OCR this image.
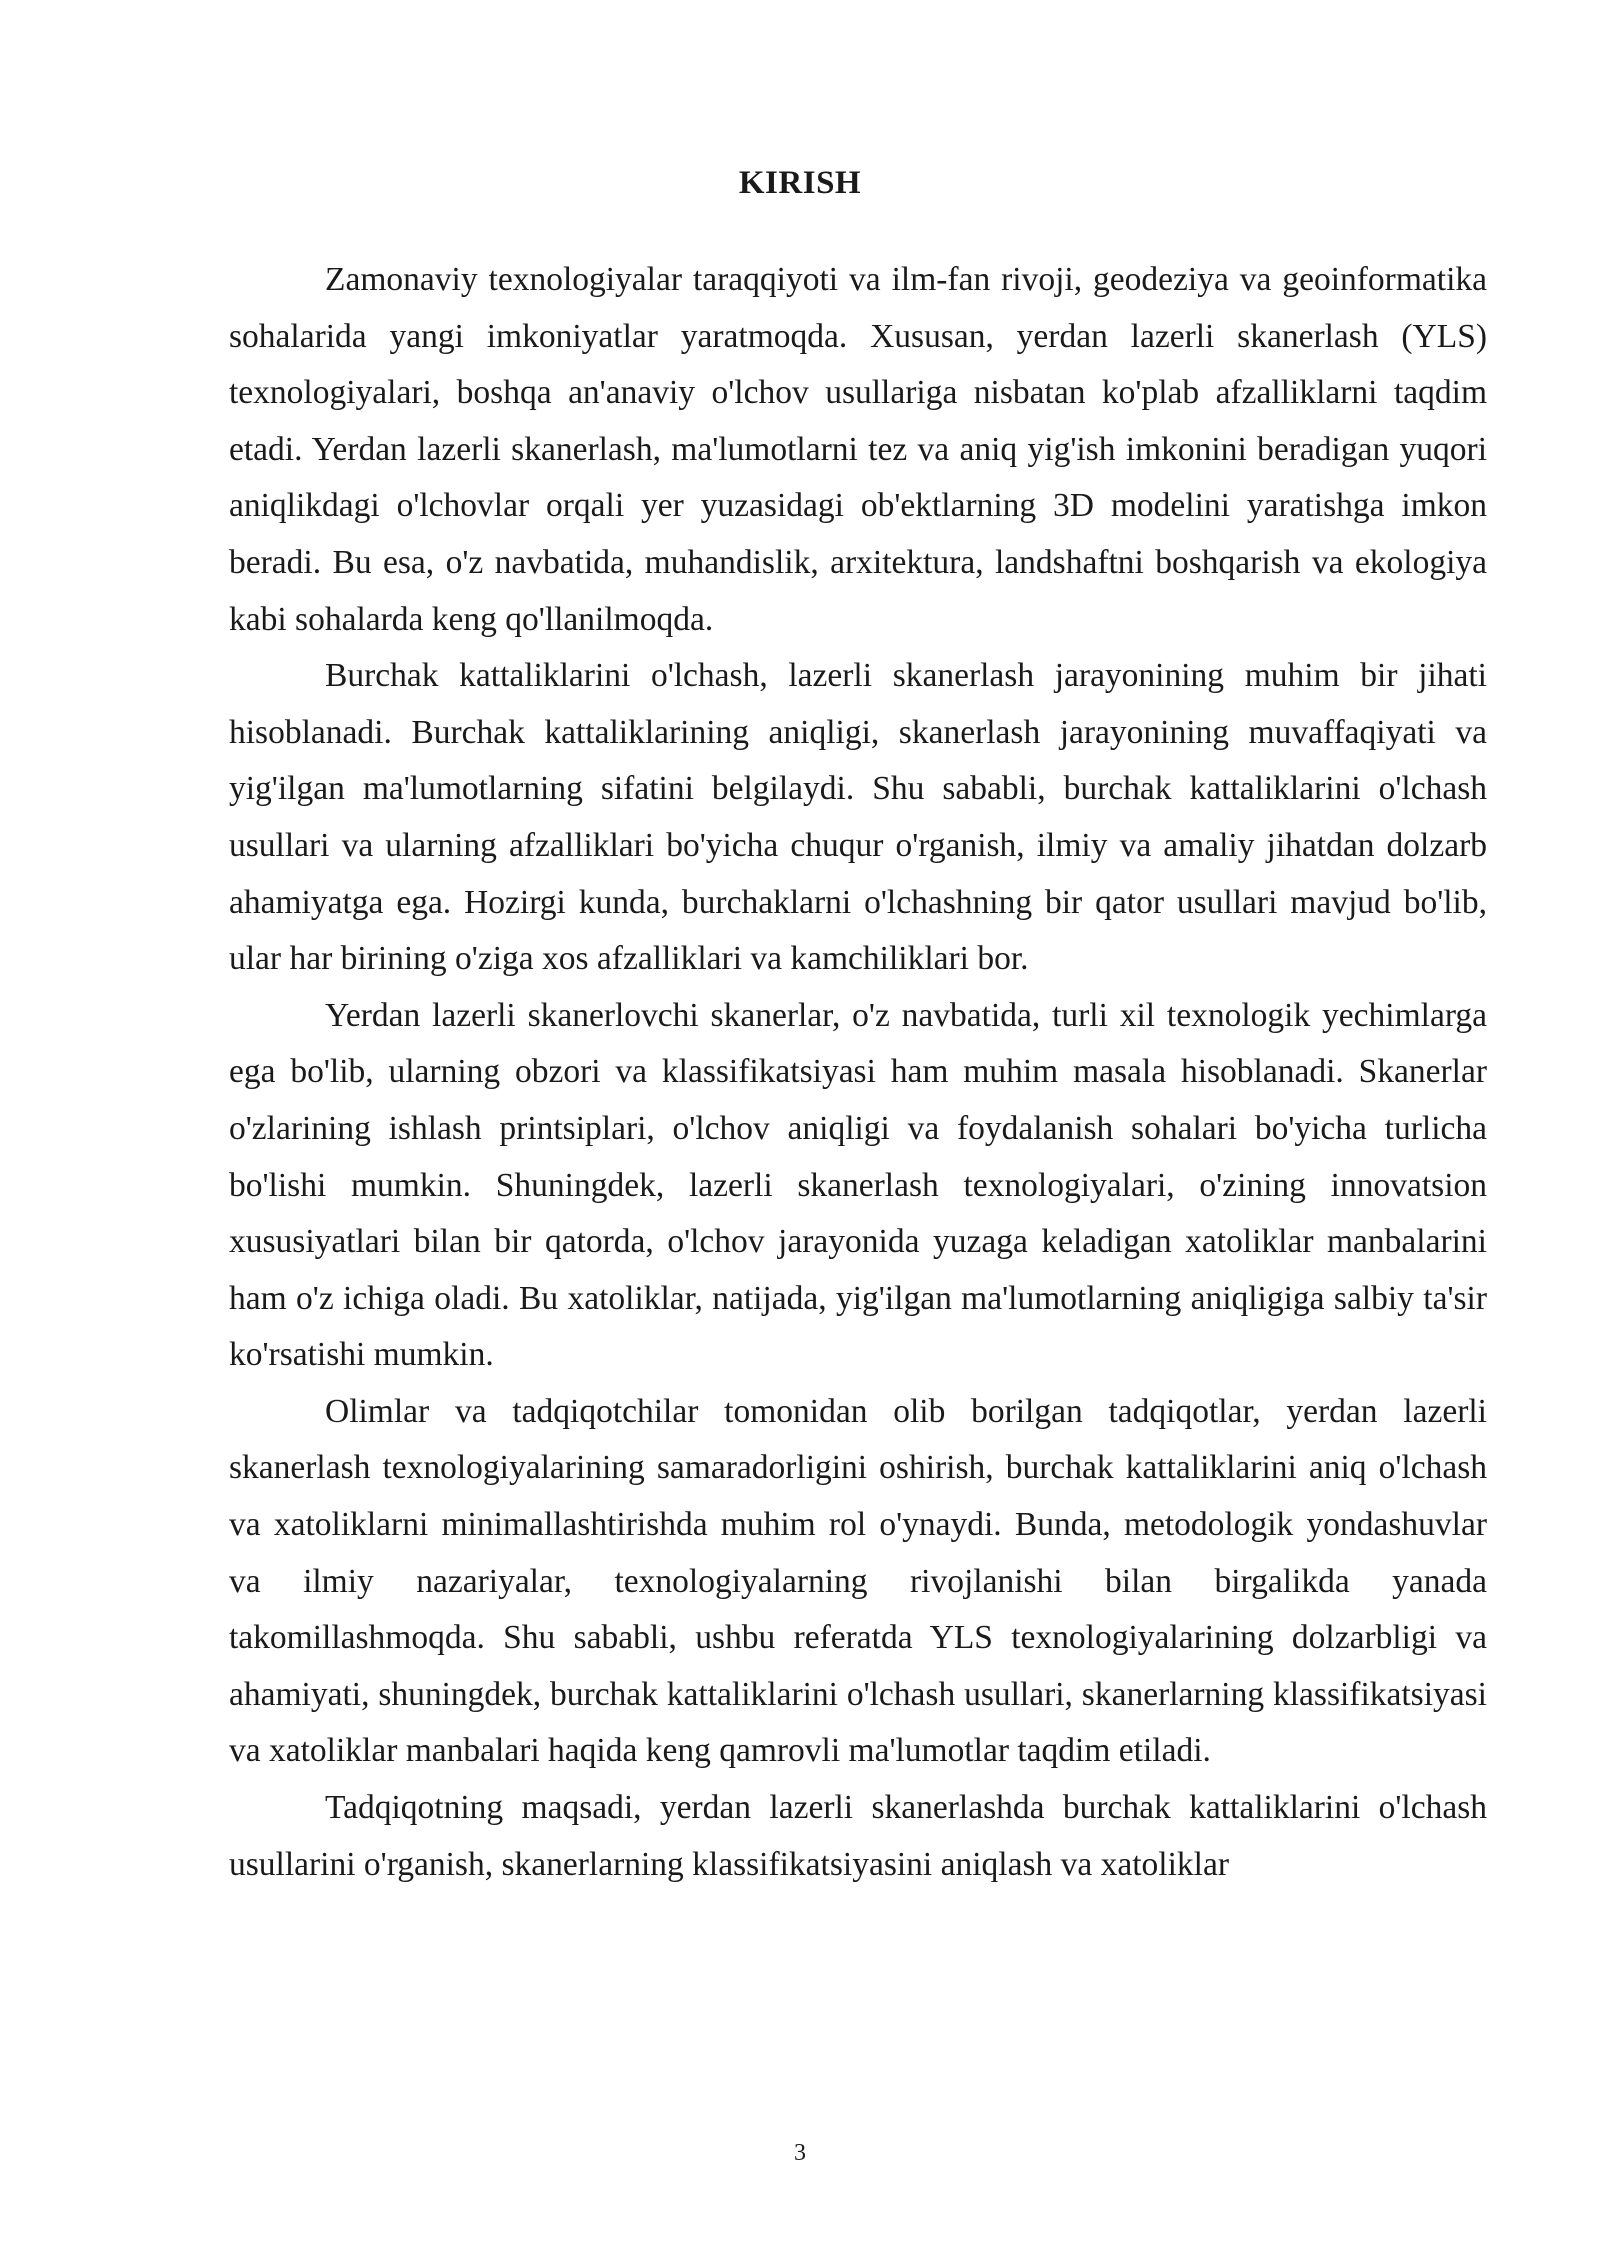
KIRISH

Zamonaviy texnologiyalar taraqqiyoti va ilm-fan rivoji, geodeziya va geoinformatika sohalarida yangi imkoniyatlar yaratmoqda. Xususan, yerdan lazerli skanerlash (YLS) texnologiyalari, boshqa an'anaviy o'lchov usullariga nisbatan ko'plab afzalliklarni taqdim etadi. Yerdan lazerli skanerlash, ma'lumotlarni tez va aniq yig'ish imkonini beradigan yuqori aniqlikdagi o'lchovlar orqali yer yuzasidagi ob'ektlarning 3D modelini yaratishga imkon beradi. Bu esa, o'z navbatida, muhandislik, arxitektura, landshaftni boshqarish va ekologiya kabi sohalarda keng qo'llanilmoqda.

Burchak kattaliklarini o'lchash, lazerli skanerlash jarayonining muhim bir jihati hisoblanadi. Burchak kattaliklarining aniqligi, skanerlash jarayonining muvaffaqiyati va yig'ilgan ma'lumotlarning sifatini belgilaydi. Shu sababli, burchak kattaliklarini o'lchash usullari va ularning afzalliklari bo'yicha chuqur o'rganish, ilmiy va amaliy jihatdan dolzarb ahamiyatga ega. Hozirgi kunda, burchaklarni o'lchashning bir qator usullari mavjud bo'lib, ular har birining o'ziga xos afzalliklari va kamchiliklari bor.

Yerdan lazerli skanerlovchi skanerlar, o'z navbatida, turli xil texnologik yechimlarga ega bo'lib, ularning obzori va klassifikatsiyasi ham muhim masala hisoblanadi. Skanerlar o'zlarining ishlash printsiplari, o'lchov aniqligi va foydalanish sohalari bo'yicha turlicha bo'lishi mumkin. Shuningdek, lazerli skanerlash texnologiyalari, o'zining innovatsion xususiyatlari bilan bir qatorda, o'lchov jarayonida yuzaga keladigan xatoliklar manbalarini ham o'z ichiga oladi. Bu xatoliklar, natijada, yig'ilgan ma'lumotlarning aniqligiga salbiy ta'sir ko'rsatishi mumkin.

Olimlar va tadqiqotchilar tomonidan olib borilgan tadqiqotlar, yerdan lazerli skanerlash texnologiyalarining samaradorligini oshirish, burchak kattaliklarini aniq o'lchash va xatoliklarni minimallashtirishda muhim rol o'ynaydi. Bunda, metodologik yondashuvlar va ilmiy nazariyalar, texnologiyalarning rivojlanishi bilan birgalikda yanada takomillashmoqda. Shu sababli, ushbu referatda YLS texnologiyalarining dolzarbligi va ahamiyati, shuningdek, burchak kattaliklarini o'lchash usullari, skanerlarning klassifikatsiyasi va xatoliklar manbalari haqida keng qamrovli ma'lumotlar taqdim etiladi.

Tadqiqotning maqsadi, yerdan lazerli skanerlashda burchak kattaliklarini o'lchash usullarini o'rganish, skanerlarning klassifikatsiyasini aniqlash va xatoliklar

3
